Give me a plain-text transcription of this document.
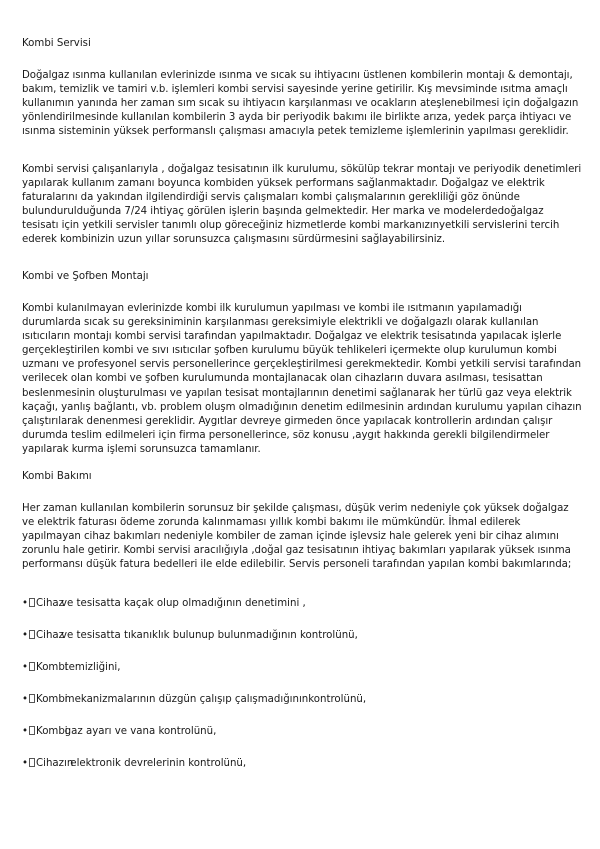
Kombi Servisi

Doğalgaz ısınma kullanılan evlerinizde ısınma ve sıcak su ihtiyacını üstlenen kombilerin montajı & demontajı, bakım, temizlik ve tamiri v.b. işlemleri kombi servisi sayesinde yerine getirilir. Kış mevsiminde ısıtma amaçlı kullanımın yanında her zaman sım sıcak su ihtiyacın karşılanması ve ocakların ateşlenebilmesi için doğalgazın yönlendirilmesinde kullanılan kombilerin 3 ayda bir periyodik bakımı ile birlikte arıza, yedek parça ihtiyacı ve ısınma sisteminin yüksek performanslı çalışması amacıyla petek temizleme işlemlerinin yapılması gereklidir.

Kombi servisi çalışanlarıyla , doğalgaz tesisatının ilk kurulumu, sökülüp tekrar montajı ve periyodik denetimleri yapılarak kullanım zamanı boyunca kombiden yüksek performans sağlanmaktadır. Doğalgaz ve elektrik faturalarını da yakından ilgilendirdiği servis çalışmaları kombi çalışmalarının gerekliliği göz önünde bulundurulduğunda 7/24 ihtiyaç görülen işlerin başında gelmektedir. Her marka ve modelerdedoğalgaz tesisatı için yetkili servisler tanımlı olup göreceğiniz hizmetlerde kombi markanızınyetkili servislerini tercih ederek kombinizin uzun yıllar sorunsuzca çalışmasını sürdürmesini sağlayabilirsiniz.

Kombi ve Şofben Montajı

Kombi kulanılmayan evlerinizde kombi ilk kurulumun yapılması ve kombi ile ısıtmanın yapılamadığı durumlarda sıcak su gereksiniminin karşılanması gereksimiyle elektrikli ve doğalgazlı olarak kullanılan ısıtıcıların montajı kombi servisi tarafından yapılmaktadır. Doğalgaz ve elektrik tesisatında yapılacak işlerle gerçekleştirilen kombi ve sıvı ısıtıcılar şofben kurulumu büyük tehlikeleri içermekte olup kurulumun kombi uzmanı ve profesyonel servis personellerince gerçekleştirilmesi gerekmektedir. Kombi yetkili servisi tarafından verilecek olan kombi ve şofben kurulumunda montajlanacak olan cihazların duvara asılması, tesisattan beslenmesinin oluşturulması ve yapılan tesisat montajlarının denetimi sağlanarak her türlü gaz veya elektrik kaçağı, yanlış bağlantı, vb. problem oluşm olmadığının denetim edilmesinin ardından kurulumu yapılan cihazın çalıştırılarak denenmesi gereklidir. Aygıtlar devreye girmeden önce yapılacak kontrollerin ardından çalışır durumda teslim edilmeleri için firma personellerince, söz konusu ,aygıt hakkında gerekli bilgilendirmeler yapılarak kurma işlemi sorunsuzca tamamlanır.

Kombi Bakımı

Her zaman kullanılan kombilerin sorunsuz bir şekilde çalışması, düşük verim nedeniyle çok yüksek doğalgaz ve elektrik faturası ödeme zorunda kalınmaması yıllık kombi bakımı ile mümkündür. İhmal edilerek yapılmayan cihaz bakımları nedeniyle kombiler de zaman içinde işlevsiz hale gelerek yeni bir cihaz alımını zorunlu hale getirir. Kombi servisi aracılığıyla ,doğal gaz tesisatının ihtiyaç bakımları yapılarak yüksek ısınma performansı düşük fatura bedelleri ile elde edilebilir. Servis personeli tarafından yapılan kombi bakımlarında;

• Cihazve tesisatta kaçak olup olmadığının denetimini ,

• Cihazve tesisatta tıkanıklık bulunup bulunmadığının kontrolünü,

• Kombitemizliğini,

• Kombimekanizmalarının düzgün çalışıp çalışmadığınınkontrolünü,

• Kombigaz ayarı ve vana kontrolünü,

• Cihazınelektronik devrelerinin kontrolünü,
